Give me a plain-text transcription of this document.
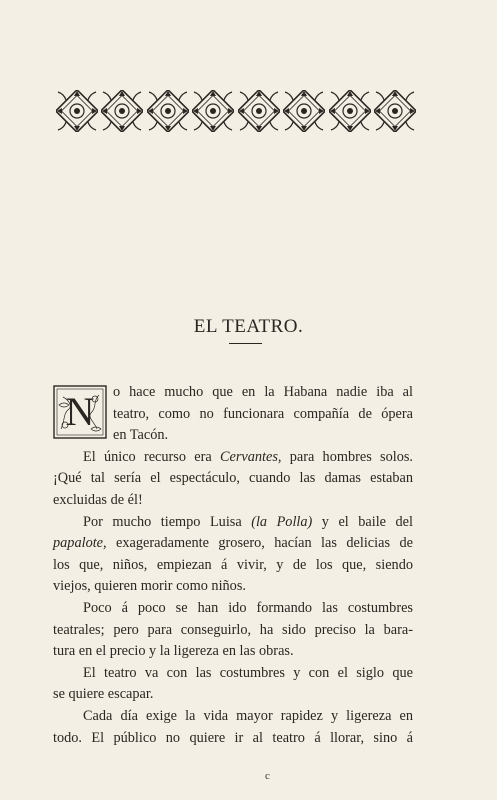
EL TEATRO.
N o hace mucho que en la Habana nadie iba al
teatro, como no funcionara compañía de ópera
en Tacón.
El único recurso era Cervantes, para hombres solos.
¡Qué tal sería el espectáculo, cuando las damas estaban
excluidas de él!
Por mucho tiempo Luisa (la Polla) y el baile del
papalote, exageradamente grosero, hacían las delicias de
los que, niños, empiezan á vivir, y de los que, siendo
viejos, quieren morir como niños.
Poco á poco se han ido formando las costumbres
teatrales; pero para conseguirlo, ha sido preciso la bara-
tura en el precio y la ligereza en las obras.
El teatro va con las costumbres y con el siglo que
se quiere escapar.
Cada día exige la vida mayor rapidez y ligereza en
todo. El público no quiere ir al teatro á llorar, sino á
c
